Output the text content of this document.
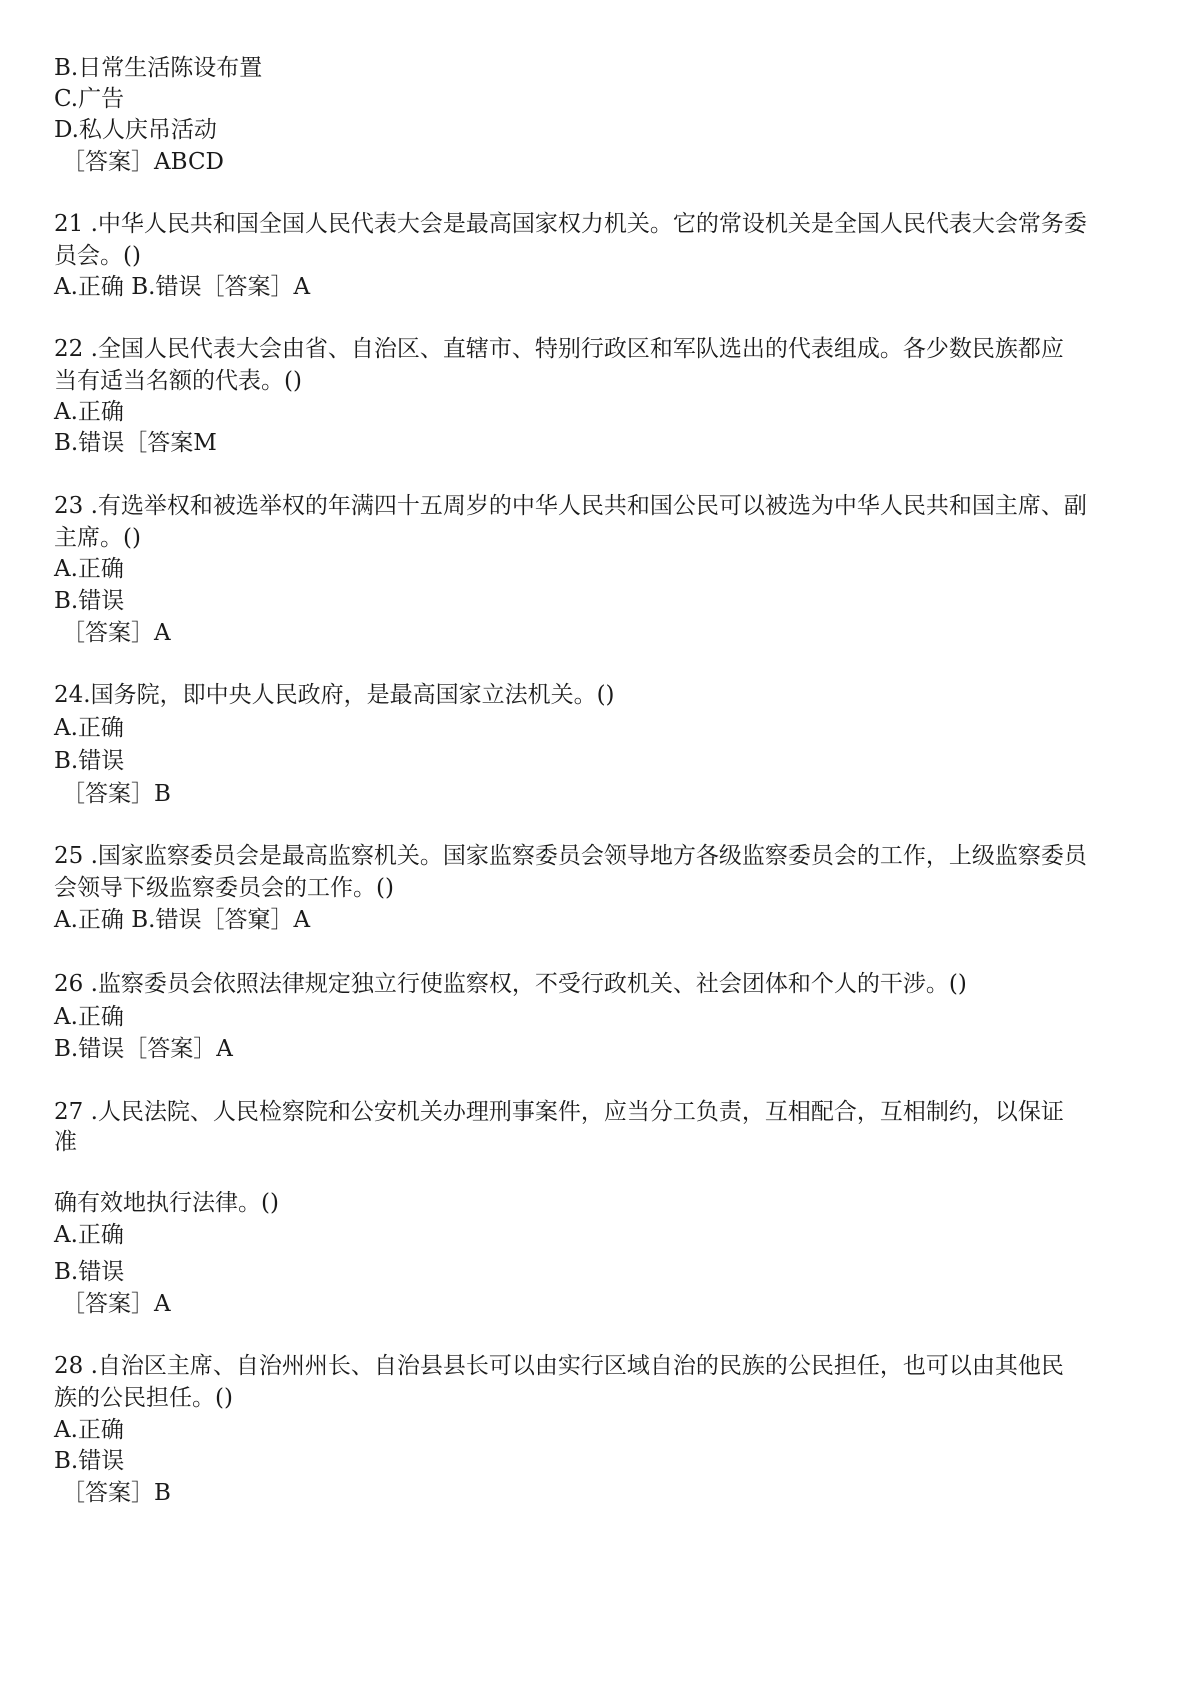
B.日常生活陈设布置

C.广告

D.私人庆吊活动

［答案］ABCD

21 .中华人民共和国全国人民代表大会是最高国家权力机关。它的常设机关是全国人民代表大会常务委

员会。()

A.正确 B.错误［答案］A

22 .全国人民代表大会由省、自治区、直辖市、特别行政区和军队选出的代表组成。各少数民族都应

当有适当名额的代表。()

A.正确

B.错误［答案M

23 .有选举权和被选举权的年满四十五周岁的中华人民共和国公民可以被选为中华人民共和国主席、副

主席。()

A.正确

B.错误

［答案］A

24.国务院，即中央人民政府，是最高国家立法机关。()

A.正确

B.错误

［答案］B

25 .国家监察委员会是最高监察机关。国家监察委员会领导地方各级监察委员会的工作，上级监察委员

会领导下级监察委员会的工作。()

A.正确 B.错误［答窠］A

26 .监察委员会依照法律规定独立行使监察权，不受行政机关、社会团体和个人的干涉。()

A.正确

B.错误［答案］A

27 .人民法院、人民检察院和公安机关办理刑事案件，应当分工负责，互相配合，互相制约，以保证

准

确有效地执行法律。()

A.正确

B.错误

［答案］A

28 .自治区主席、自治州州长、自治县县长可以由实行区域自治的民族的公民担任，也可以由其他民

族的公民担任。()

A.正确

B.错误

［答案］B
